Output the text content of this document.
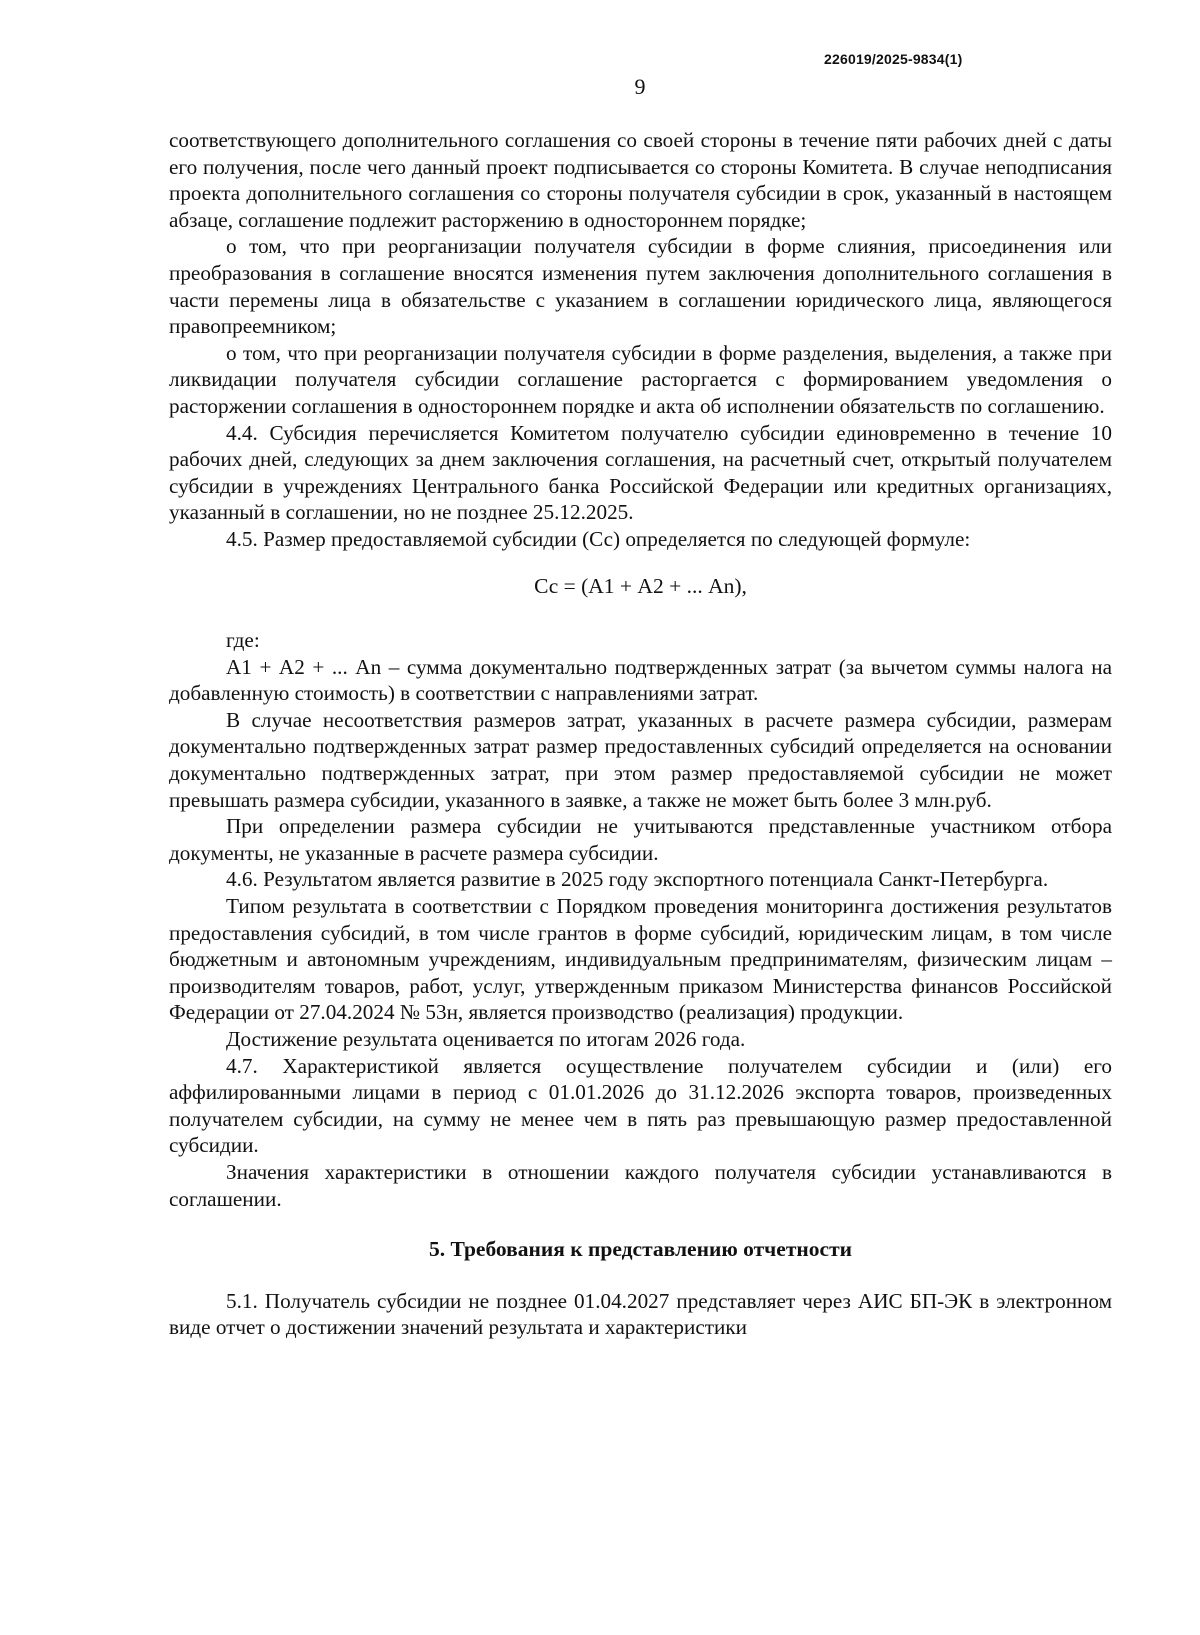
226019/2025-9834(1)
9

соответствующего дополнительного соглашения со своей стороны в течение пяти рабочих дней с даты его получения, после чего данный проект подписывается со стороны Комитета. В случае неподписания проекта дополнительного соглашения со стороны получателя субсидии в срок, указанный в настоящем абзаце, соглашение подлежит расторжению в одностороннем порядке;

о том, что при реорганизации получателя субсидии в форме слияния, присоединения или преобразования в соглашение вносятся изменения путем заключения дополнительного соглашения в части перемены лица в обязательстве с указанием в соглашении юридического лица, являющегося правопреемником;

о том, что при реорганизации получателя субсидии в форме разделения, выделения, а также при ликвидации получателя субсидии соглашение расторгается с формированием уведомления о расторжении соглашения в одностороннем порядке и акта об исполнении обязательств по соглашению.

4.4. Субсидия перечисляется Комитетом получателю субсидии единовременно в течение 10 рабочих дней, следующих за днем заключения соглашения, на расчетный счет, открытый получателем субсидии в учреждениях Центрального банка Российской Федерации или кредитных организациях, указанный в соглашении, но не позднее 25.12.2025.

4.5. Размер предоставляемой субсидии (Сс) определяется по следующей формуле:

Сс = (А1 + А2 + ... Аn),

где:

А1 + А2 + ... Аn – сумма документально подтвержденных затрат (за вычетом суммы налога на добавленную стоимость) в соответствии с направлениями затрат.

В случае несоответствия размеров затрат, указанных в расчете размера субсидии, размерам документально подтвержденных затрат размер предоставленных субсидий определяется на основании документально подтвержденных затрат, при этом размер предоставляемой субсидии не может превышать размера субсидии, указанного в заявке, а также не может быть более 3 млн.руб.

При определении размера субсидии не учитываются представленные участником отбора документы, не указанные в расчете размера субсидии.

4.6. Результатом является развитие в 2025 году экспортного потенциала Санкт-Петербурга.

Типом результата в соответствии с Порядком проведения мониторинга достижения результатов предоставления субсидий, в том числе грантов в форме субсидий, юридическим лицам, в том числе бюджетным и автономным учреждениям, индивидуальным предпринимателям, физическим лицам – производителям товаров, работ, услуг, утвержденным приказом Министерства финансов Российской Федерации от 27.04.2024 № 53н, является производство (реализация) продукции.

Достижение результата оценивается по итогам 2026 года.

4.7. Характеристикой является осуществление получателем субсидии и (или) его аффилированными лицами в период с 01.01.2026 до 31.12.2026 экспорта товаров, произведенных получателем субсидии, на сумму не менее чем в пять раз превышающую размер предоставленной субсидии.

Значения характеристики в отношении каждого получателя субсидии устанавливаются в соглашении.

5. Требования к представлению отчетности

5.1. Получатель субсидии не позднее 01.04.2027 представляет через АИС БП-ЭК в электронном виде отчет о достижении значений результата и характеристики
